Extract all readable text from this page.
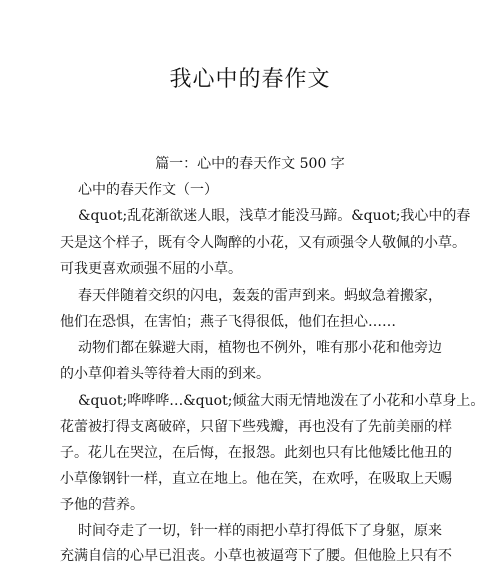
我心中的春作文
篇一：心中的春天作文 500 字
心中的春天作文（一）
&quot;乱花渐欲迷人眼，浅草才能没马蹄。&quot;我心中的春
天是这个样子，既有令人陶醉的小花，又有顽强令人敬佩的小草。
可我更喜欢顽强不屈的小草。
春天伴随着交织的闪电，轰轰的雷声到来。蚂蚁急着搬家，
他们在恐惧，在害怕；燕子飞得很低，他们在担心……
动物们都在躲避大雨，植物也不例外，唯有那小花和他旁边
的小草仰着头等待着大雨的到来。
&quot;哗哗哗…&quot;倾盆大雨无情地泼在了小花和小草身上。
花蕾被打得支离破碎，只留下些残瓣，再也没有了先前美丽的样
子。花儿在哭泣，在后悔，在报怨。此刻也只有比他矮比他丑的
小草像钢针一样，直立在地上。他在笑，在欢呼，在吸取上天赐
予他的营养。
时间夺走了一切，针一样的雨把小草打得低下了身躯，原来
充满自信的心早已沮丧。小草也被逼弯下了腰。但他脸上只有不
